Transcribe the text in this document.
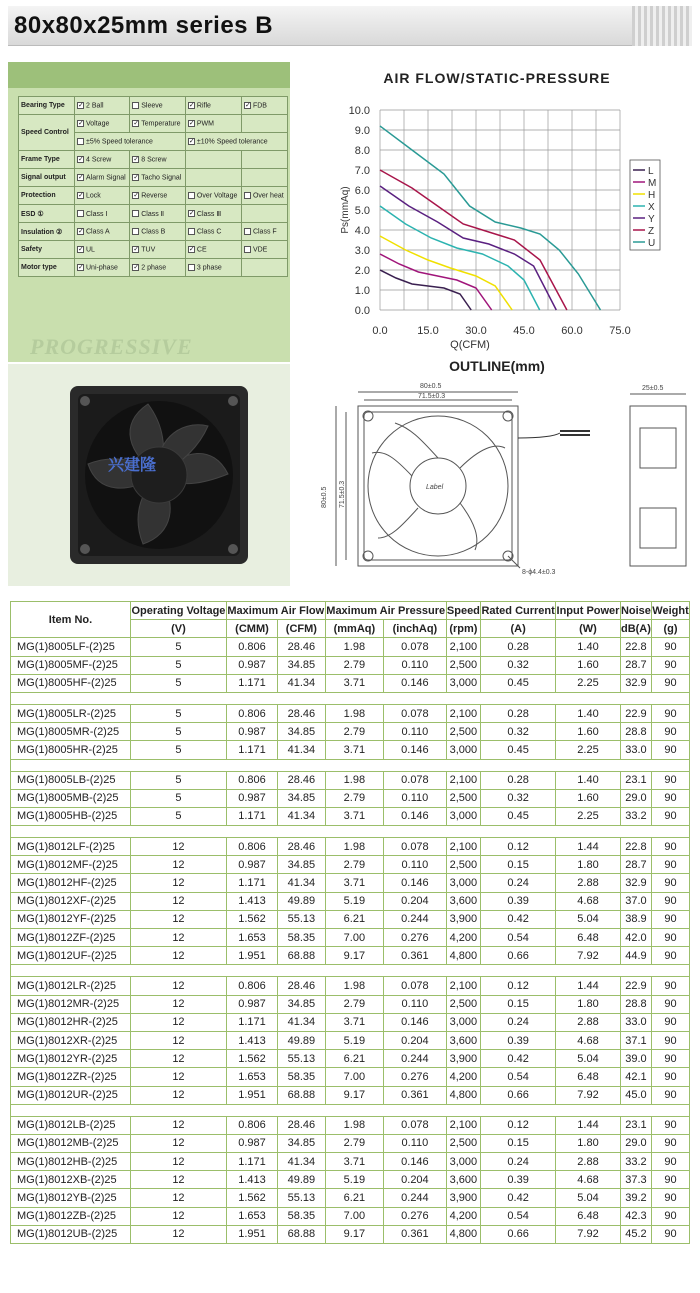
80x80x25mm series B
Bearing Type	✓ 2 Ball	Sleeve	✓ Rifle	✓ FDB
Speed Control	✓ Voltage	✓ Temperature	✓ PWM	
	±5% Speed tolerance		✓ ±10% Speed tolerance	
Frame Type	✓ 4 Screw	✓ 8 Screw		
Signal output	✓ Alarm Signal	✓ Tacho Signal		
Protection	✓ Lock	✓ Reverse	Over Voltage	Over heat
ESD ①	Class Ⅰ	Class Ⅱ	✓ Class Ⅲ	
Insulation ②	✓ Class A	Class B	Class C	Class F
Safety	✓ UL	✓ TUV	✓ CE	VDE
Motor type	✓ Uni-phase	✓ 2 phase	3 phase	
PROGRESSIVE
兴建隆
AIR FLOW/STATIC-PRESSURE
0.0
1.0
2.0
3.0
4.0
5.0
6.0
7.0
8.0
9.0
10.0
0.0	15.0 30.0 45.0 60.0 75.0
Q(CFM)
Ps(mmAq)
L
M
H
X
Y
Z
U
OUTLINE(mm)
80±0.5
71.5±0.3
80±0.5 71.5±0.3
25±0.5
8-ϕ4.4±0.3
Label
Item No.	Operating Voltage	Maximum Air Flow		Maximum Air Pressure		Speed	Rated Current	Input Power	Noise	Weight
	(V)	(CMM)	(CFM)	(mmAq)	(inchAq)	(rpm)	(A)	(W)	dB(A)	(g)
MG(1)8005LF-(2)25	5	0.806	28.46	1.98	0.078	2,100	0.28	1.40	22.8	90
MG(1)8005MF-(2)25	5	0.987	34.85	2.79	0.110	2,500	0.32	1.60	28.7	90
MG(1)8005HF-(2)25	5	1.171	41.34	3.71	0.146	3,000	0.45	2.25	32.9	90

MG(1)8005LR-(2)25	5	0.806	28.46	1.98	0.078	2,100	0.28	1.40	22.9	90
MG(1)8005MR-(2)25	5	0.987	34.85	2.79	0.110	2,500	0.32	1.60	28.8	90
MG(1)8005HR-(2)25	5	1.171	41.34	3.71	0.146	3,000	0.45	2.25	33.0	90

MG(1)8005LB-(2)25	5	0.806	28.46	1.98	0.078	2,100	0.28	1.40	23.1	90
MG(1)8005MB-(2)25	5	0.987	34.85	2.79	0.110	2,500	0.32	1.60	29.0	90
MG(1)8005HB-(2)25	5	1.171	41.34	3.71	0.146	3,000	0.45	2.25	33.2	90

MG(1)8012LF-(2)25	12	0.806	28.46	1.98	0.078	2,100	0.12	1.44	22.8	90
MG(1)8012MF-(2)25	12	0.987	34.85	2.79	0.110	2,500	0.15	1.80	28.7	90
MG(1)8012HF-(2)25	12	1.171	41.34	3.71	0.146	3,000	0.24	2.88	32.9	90
MG(1)8012XF-(2)25	12	1.413	49.89	5.19	0.204	3,600	0.39	4.68	37.0	90
MG(1)8012YF-(2)25	12	1.562	55.13	6.21	0.244	3,900	0.42	5.04	38.9	90
MG(1)8012ZF-(2)25	12	1.653	58.35	7.00	0.276	4,200	0.54	6.48	42.0	90
MG(1)8012UF-(2)25	12	1.951	68.88	9.17	0.361	4,800	0.66	7.92	44.9	90

MG(1)8012LR-(2)25	12	0.806	28.46	1.98	0.078	2,100	0.12	1.44	22.9	90
MG(1)8012MR-(2)25	12	0.987	34.85	2.79	0.110	2,500	0.15	1.80	28.8	90
MG(1)8012HR-(2)25	12	1.171	41.34	3.71	0.146	3,000	0.24	2.88	33.0	90
MG(1)8012XR-(2)25	12	1.413	49.89	5.19	0.204	3,600	0.39	4.68	37.1	90
MG(1)8012YR-(2)25	12	1.562	55.13	6.21	0.244	3,900	0.42	5.04	39.0	90
MG(1)8012ZR-(2)25	12	1.653	58.35	7.00	0.276	4,200	0.54	6.48	42.1	90
MG(1)8012UR-(2)25	12	1.951	68.88	9.17	0.361	4,800	0.66	7.92	45.0	90

MG(1)8012LB-(2)25	12	0.806	28.46	1.98	0.078	2,100	0.12	1.44	23.1	90
MG(1)8012MB-(2)25	12	0.987	34.85	2.79	0.110	2,500	0.15	1.80	29.0	90
MG(1)8012HB-(2)25	12	1.171	41.34	3.71	0.146	3,000	0.24	2.88	33.2	90
MG(1)8012XB-(2)25	12	1.413	49.89	5.19	0.204	3,600	0.39	4.68	37.3	90
MG(1)8012YB-(2)25	12	1.562	55.13	6.21	0.244	3,900	0.42	5.04	39.2	90
MG(1)8012ZB-(2)25	12	1.653	58.35	7.00	0.276	4,200	0.54	6.48	42.3	90
MG(1)8012UB-(2)25	12	1.951	68.88	9.17	0.361	4,800	0.66	7.92	45.2	90
